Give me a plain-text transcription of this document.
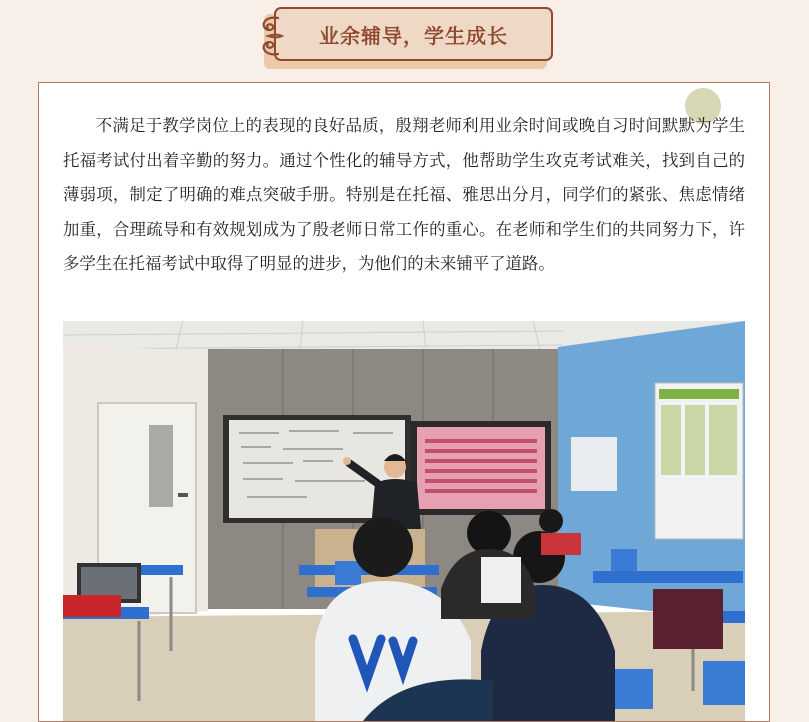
业余辅导，学生成长

不满足于教学岗位上的表现的良好品质，殷翔老师利用业余时间或晚自习时间默默为学生托福考试付出着辛勤的努力。通过个性化的辅导方式，他帮助学生攻克考试难关，找到自己的薄弱项，制定了明确的难点突破手册。特别是在托福、雅思出分月，同学们的紧张、焦虑情绪加重，合理疏导和有效规划成为了殷老师日常工作的重心。在老师和学生们的共同努力下，许多学生在托福考试中取得了明显的进步，为他们的未来铺平了道路。
